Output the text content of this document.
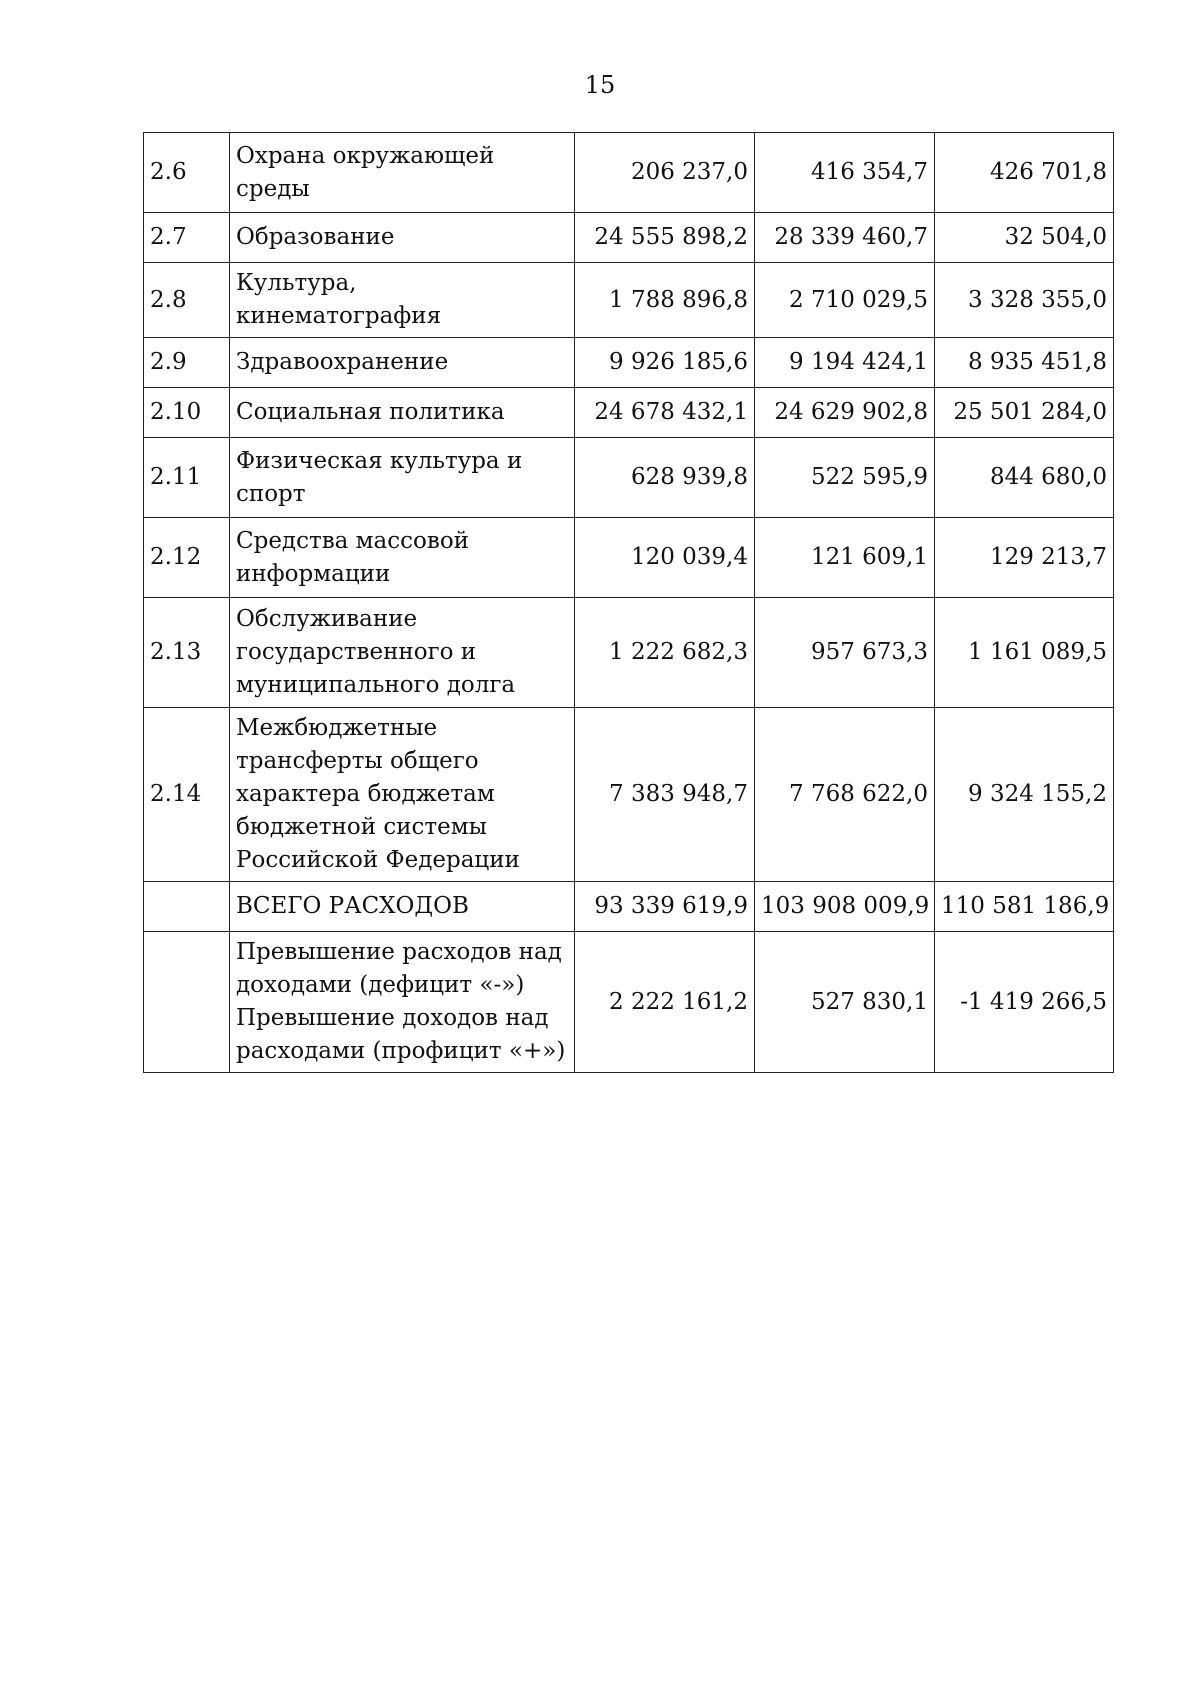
15
2.6	Охрана окружающей среды	206 237,0	416 354,7	426 701,8
2.7	Образование	24 555 898,2	28 339 460,7	32 504,0
2.8	Культура, кинематография	1 788 896,8	2 710 029,5	3 328 355,0
2.9	Здравоохранение	9 926 185,6	9 194 424,1	8 935 451,8
2.10	Социальная политика	24 678 432,1	24 629 902,8	25 501 284,0
2.11	Физическая культура и спорт	628 939,8	522 595,9	844 680,0
2.12	Средства массовой информации	120 039,4	121 609,1	129 213,7
2.13	Обслуживание государственного и муниципального долга	1 222 682,3	957 673,3	1 161 089,5
2.14	Межбюджетные трансферты общего характера бюджетам бюджетной системы Российской Федерации	7 383 948,7	7 768 622,0	9 324 155,2
	ВСЕГО РАСХОДОВ	93 339 619,9	103 908 009,9	110 581 186,9
	Превышение расходов над доходами (дефицит «-») Превышение доходов над расходами (профицит «+»)	2 222 161,2	527 830,1	-1 419 266,5
